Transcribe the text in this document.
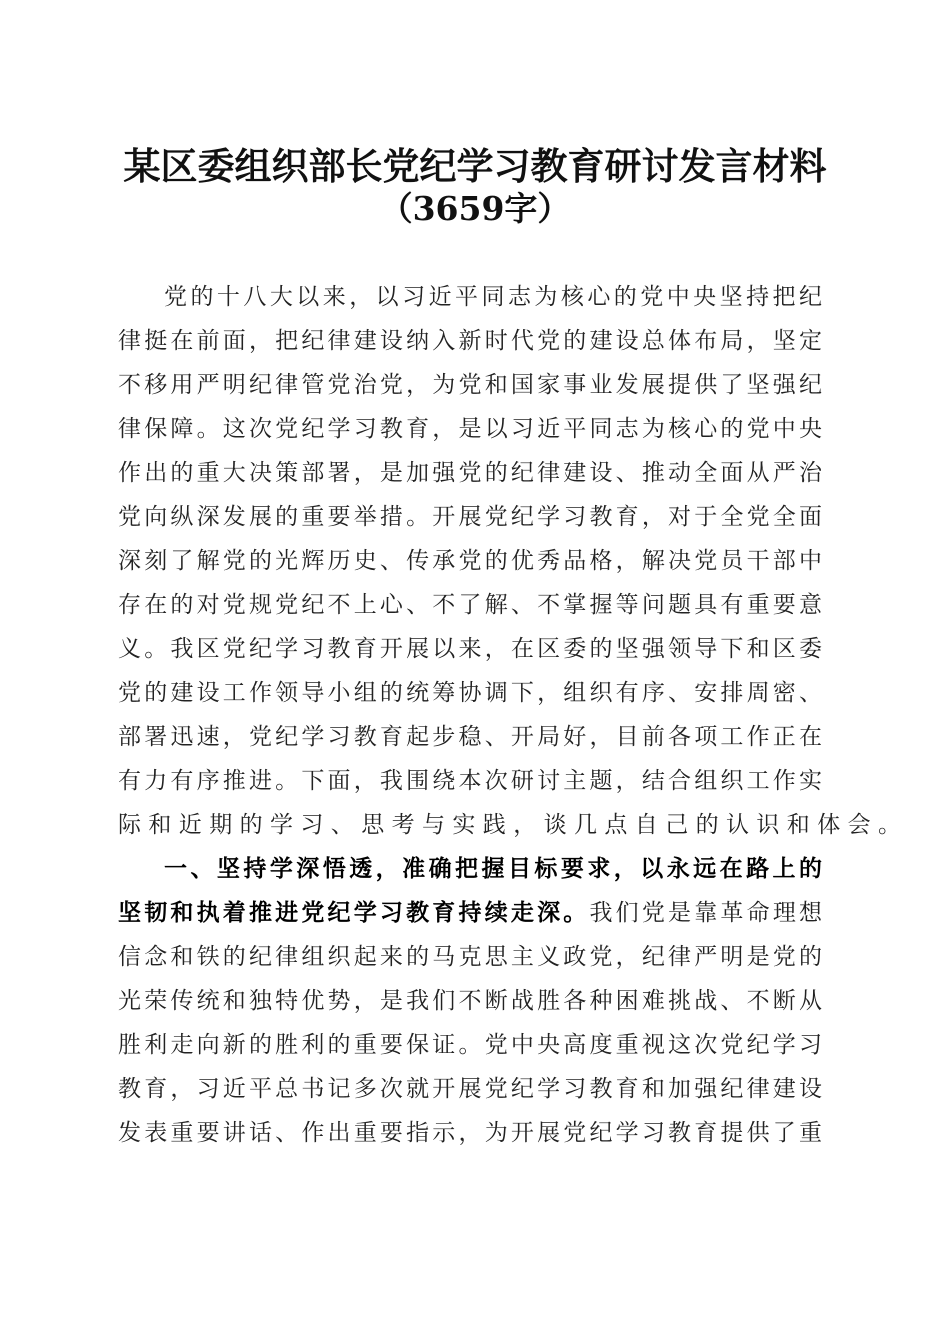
某区委组织部长党纪学习教育研讨发言材料
（3659字）
党的十八大以来，以习近平同志为核心的党中央坚持把纪
律挺在前面，把纪律建设纳入新时代党的建设总体布局，坚定
不移用严明纪律管党治党，为党和国家事业发展提供了坚强纪
律保障。这次党纪学习教育，是以习近平同志为核心的党中央
作出的重大决策部署，是加强党的纪律建设、推动全面从严治
党向纵深发展的重要举措。开展党纪学习教育，对于全党全面
深刻了解党的光辉历史、传承党的优秀品格，解决党员干部中
存在的对党规党纪不上心、不了解、不掌握等问题具有重要意
义。我区党纪学习教育开展以来，在区委的坚强领导下和区委
党的建设工作领导小组的统筹协调下，组织有序、安排周密、
部署迅速，党纪学习教育起步稳、开局好，目前各项工作正在
有力有序推进。下面，我围绕本次研讨主题，结合组织工作实
际和近期的学习、思考与实践，谈几点自己的认识和体会。
一、坚持学深悟透，准确把握目标要求，以永远在路上的
坚韧和执着推进党纪学习教育持续走深。我们党是靠革命理想
信念和铁的纪律组织起来的马克思主义政党，纪律严明是党的
光荣传统和独特优势，是我们不断战胜各种困难挑战、不断从
胜利走向新的胜利的重要保证。党中央高度重视这次党纪学习
教育，习近平总书记多次就开展党纪学习教育和加强纪律建设
发表重要讲话、作出重要指示，为开展党纪学习教育提供了重
